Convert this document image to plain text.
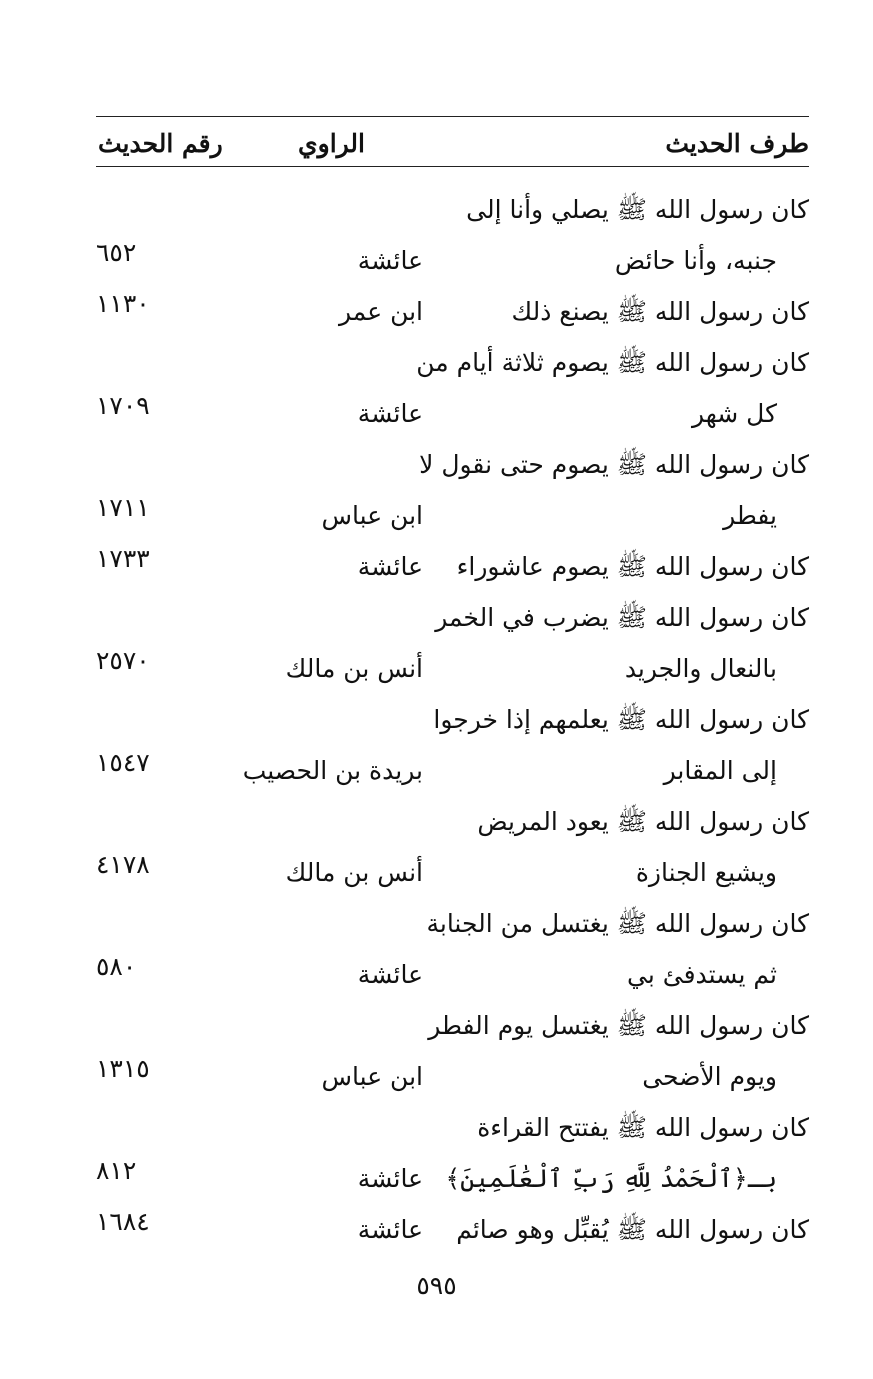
طرف الحديث
الراوي
رقم الحديث
كان رسول الله ﷺ يصلي وأنا إلى
جنبه، وأنا حائض
عائشة
٦٥٢
كان رسول الله ﷺ يصنع ذلك
ابن عمر
١١٣٠
كان رسول الله ﷺ يصوم ثلاثة أيام من
كل شهر
عائشة
١٧٠٩
كان رسول الله ﷺ يصوم حتى نقول لا
يفطر
ابن عباس
١٧١١
كان رسول الله ﷺ يصوم عاشوراء
عائشة
١٧٣٣
كان رسول الله ﷺ يضرب في الخمر
بالنعال والجريد
أنس بن مالك
٢٥٧٠
كان رسول الله ﷺ يعلمهم إذا خرجوا
إلى المقابر
بريدة بن الحصيب
١٥٤٧
كان رسول الله ﷺ يعود المريض
ويشيع الجنازة
أنس بن مالك
٤١٧٨
كان رسول الله ﷺ يغتسل من الجنابة
ثم يستدفئ بي
عائشة
٥٨٠
كان رسول الله ﷺ يغتسل يوم الفطر
ويوم الأضحى
ابن عباس
١٣١٥
كان رسول الله ﷺ يفتتح القراءة
بـ﴿ٱلْحَمْدُ لِلَّهِ رَبِّ ٱلْعَٰلَمِينَ﴾
عائشة
٨١٢
كان رسول الله ﷺ يُقبِّل وهو صائم
عائشة
١٦٨٤
٥٩٥
